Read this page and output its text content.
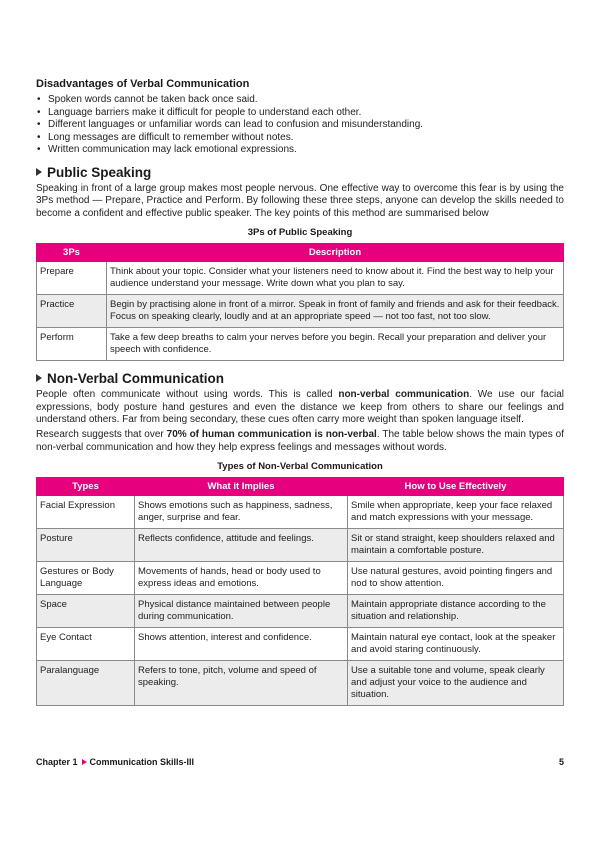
Disadvantages of Verbal Communication
• Spoken words cannot be taken back once said.
• Language barriers make it difficult for people to understand each other.
• Different languages or unfamiliar words can lead to confusion and misunderstanding.
• Long messages are difficult to remember without notes.
• Written communication may lack emotional expressions.
Public Speaking

Speaking in front of a large group makes most people nervous. One effective way to overcome this fear is by using the 3Ps method — Prepare, Practice and Perform. By following these three steps, anyone can develop the skills needed to become a confident and effective public speaker. The key points of this method are summarised below

3Ps of Public Speaking
3Ps	Description
Prepare	Think about your topic. Consider what your listeners need to know about it. Find the best way to help your audience understand your message. Write down what you plan to say.
Practice	Begin by practising alone in front of a mirror. Speak in front of family and friends and ask for their feedback. Focus on speaking clearly, loudly and at an appropriate speed — not too fast, not too slow.
Perform	Take a few deep breaths to calm your nerves before you begin. Recall your preparation and deliver your speech with confidence.
Non-Verbal Communication

People often communicate without using words. This is called non-verbal communication. We use our facial expressions, body posture hand gestures and even the distance we keep from others to share our feelings and understand others. Far from being secondary, these cues often carry more weight than spoken language itself.

Research suggests that over 70% of human communication is non-verbal. The table below shows the main types of non-verbal communication and how they help express feelings and messages without words.

Types of Non-Verbal Communication
Types	What it Implies	How to Use Effectively
Facial Expression	Shows emotions such as happiness, sadness, anger, surprise and fear.	Smile when appropriate, keep your face relaxed and match expressions with your message.
Posture	Reflects confidence, attitude and feelings.	Sit or stand straight, keep shoulders relaxed and maintain a comfortable posture.
Gestures or Body Language	Movements of hands, head or body used to express ideas and emotions.	Use natural gestures, avoid pointing fingers and nod to show attention.
Space	Physical distance maintained between people during communication.	Maintain appropriate distance according to the situation and relationship.
Eye Contact	Shows attention, interest and confidence.	Maintain natural eye contact, look at the speaker and avoid staring continuously.
Paralanguage	Refers to tone, pitch, volume and speed of speaking.	Use a suitable tone and volume, speak clearly and adjust your voice to the audience and situation.
Chapter 1 Communication Skills-III	5
